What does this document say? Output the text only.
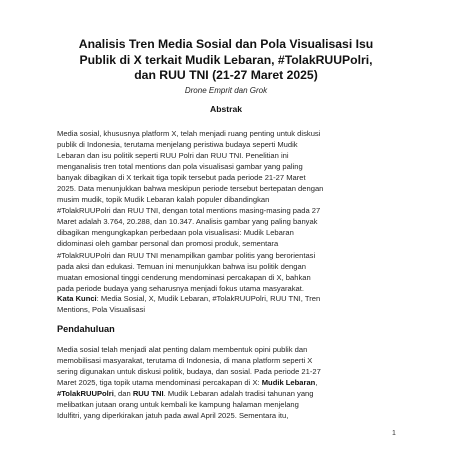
Analisis Tren Media Sosial dan Pola Visualisasi Isu
Publik di X terkait Mudik Lebaran, #TolakRUUPolri,
dan RUU TNI (21-27 Maret 2025)
Drone Emprit dan Grok
Abstrak
Media sosial, khususnya platform X, telah menjadi ruang penting untuk diskusi
publik di Indonesia, terutama menjelang peristiwa budaya seperti Mudik
Lebaran dan isu politik seperti RUU Polri dan RUU TNI. Penelitian ini
menganalisis tren total mentions dan pola visualisasi gambar yang paling
banyak dibagikan di X terkait tiga topik tersebut pada periode 21-27 Maret
2025. Data menunjukkan bahwa meskipun periode tersebut bertepatan dengan
musim mudik, topik Mudik Lebaran kalah populer dibandingkan
#TolakRUUPolri dan RUU TNI, dengan total mentions masing-masing pada 27
Maret adalah 3.764, 20.288, dan 10.347. Analisis gambar yang paling banyak
dibagikan mengungkapkan perbedaan pola visualisasi: Mudik Lebaran
didominasi oleh gambar personal dan promosi produk, sementara
#TolakRUUPolri dan RUU TNI menampilkan gambar politis yang berorientasi
pada aksi dan edukasi. Temuan ini menunjukkan bahwa isu politik dengan
muatan emosional tinggi cenderung mendominasi percakapan di X, bahkan
pada periode budaya yang seharusnya menjadi fokus utama masyarakat.
Kata Kunci: Media Sosial, X, Mudik Lebaran, #TolakRUUPolri, RUU TNI, Tren
Mentions, Pola Visualisasi
Pendahuluan
Media sosial telah menjadi alat penting dalam membentuk opini publik dan
memobilisasi masyarakat, terutama di Indonesia, di mana platform seperti X
sering digunakan untuk diskusi politik, budaya, dan sosial. Pada periode 21-27
Maret 2025, tiga topik utama mendominasi percakapan di X: Mudik Lebaran,
#TolakRUUPolri, dan RUU TNI. Mudik Lebaran adalah tradisi tahunan yang
melibatkan jutaan orang untuk kembali ke kampung halaman menjelang
Idulfitri, yang diperkirakan jatuh pada awal April 2025. Sementara itu,
1
